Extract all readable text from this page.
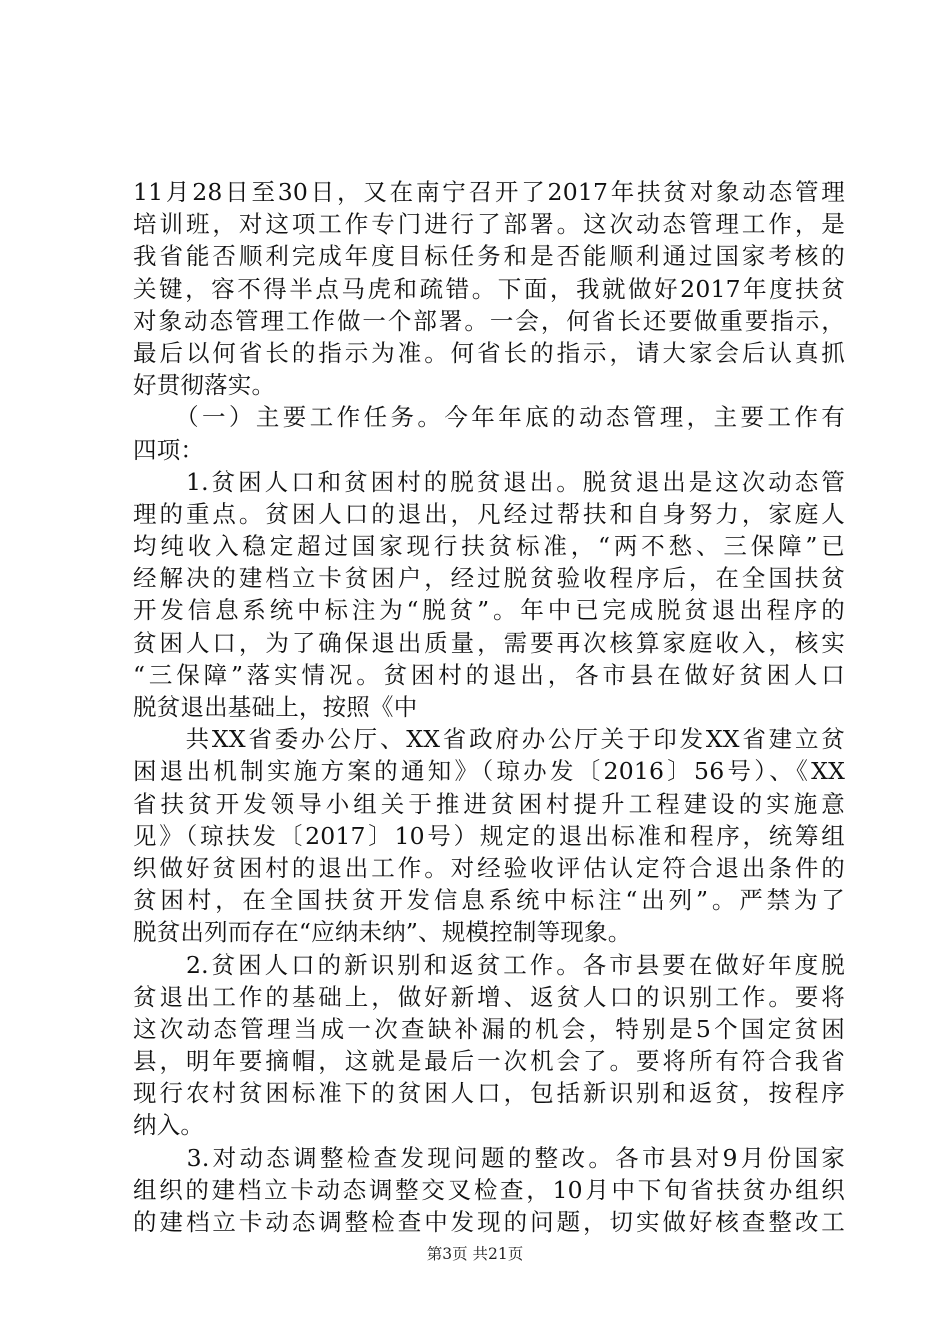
11月28日至30日，又在南宁召开了2017年扶贫对象动态管理
培训班，对这项工作专门进行了部署。这次动态管理工作，是
我省能否顺利完成年度目标任务和是否能顺利通过国家考核的
关键，容不得半点马虎和疏错。下面，我就做好2017年度扶贫
对象动态管理工作做一个部署。一会，何省长还要做重要指示，
最后以何省长的指示为准。何省长的指示，请大家会后认真抓
好贯彻落实。
　　（一）主要工作任务。今年年底的动态管理，主要工作有
四项：
　　1.贫困人口和贫困村的脱贫退出。脱贫退出是这次动态管
理的重点。贫困人口的退出，凡经过帮扶和自身努力，家庭人
均纯收入稳定超过国家现行扶贫标准，“两不愁、三保障”已
经解决的建档立卡贫困户，经过脱贫验收程序后，在全国扶贫
开发信息系统中标注为“脱贫”。年中已完成脱贫退出程序的
贫困人口，为了确保退出质量，需要再次核算家庭收入，核实
“三保障”落实情况。贫困村的退出，各市县在做好贫困人口
脱贫退出基础上，按照《中
　　共XX省委办公厅、XX省政府办公厅关于印发XX省建立贫
困退出机制实施方案的通知》（琼办发〔2016〕56号）、《XX
省扶贫开发领导小组关于推进贫困村提升工程建设的实施意
见》（琼扶发〔2017〕10号）规定的退出标准和程序，统筹组
织做好贫困村的退出工作。对经验收评估认定符合退出条件的
贫困村，在全国扶贫开发信息系统中标注“出列”。严禁为了
脱贫出列而存在“应纳未纳”、规模控制等现象。
　　2.贫困人口的新识别和返贫工作。各市县要在做好年度脱
贫退出工作的基础上，做好新增、返贫人口的识别工作。要将
这次动态管理当成一次查缺补漏的机会，特别是5个国定贫困
县，明年要摘帽，这就是最后一次机会了。要将所有符合我省
现行农村贫困标准下的贫困人口，包括新识别和返贫，按程序
纳入。
　　3.对动态调整检查发现问题的整改。各市县对9月份国家
组织的建档立卡动态调整交叉检查，10月中下旬省扶贫办组织
的建档立卡动态调整检查中发现的问题，切实做好核查整改工
第3页 共21页
